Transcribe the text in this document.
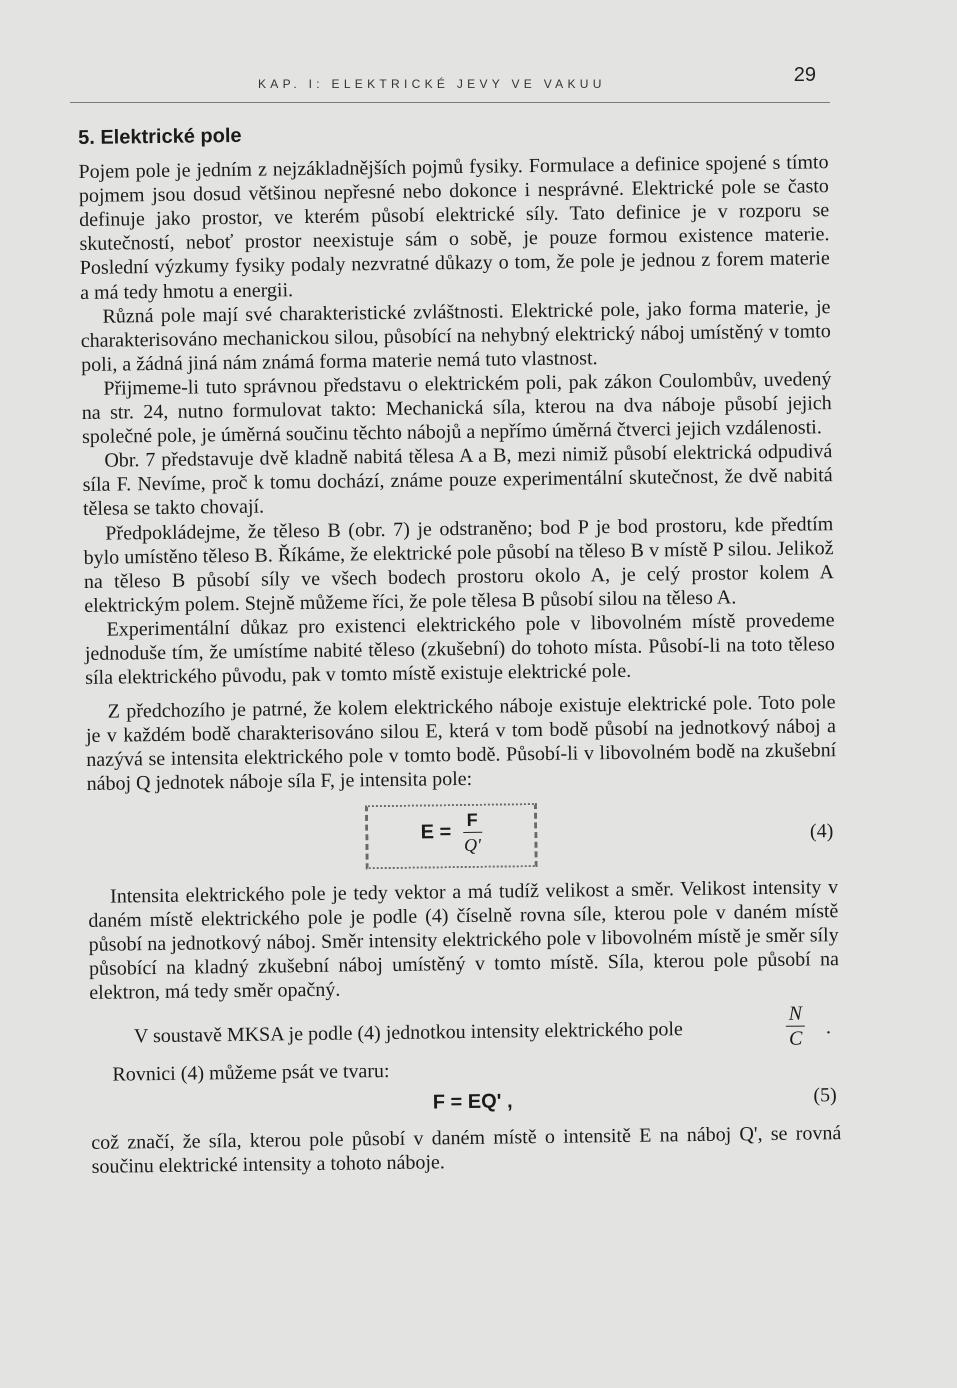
KAP. I: ELEKTRICKÉ JEVY VE VAKUU	29
5. Elektrické pole

Pojem pole je jedním z nejzákladnějších pojmů fysiky. Formulace a definice spojené s tímto pojmem jsou dosud většinou nepřesné nebo dokonce i nesprávné. Elektrické pole se často definuje jako prostor, ve kterém působí elektrické síly. Tato definice je v rozporu se skutečností, neboť prostor neexistuje sám o sobě, je pouze formou existence materie. Poslední výzkumy fysiky podaly nezvratné důkazy o tom, že pole je jednou z forem materie a má tedy hmotu a energii.

Různá pole mají své charakteristické zvláštnosti. Elektrické pole, jako forma materie, je charakterisováno mechanickou silou, působící na nehybný elektrický náboj umístěný v tomto poli, a žádná jiná nám známá forma materie nemá tuto vlastnost.

Přijmeme-li tuto správnou představu o elektrickém poli, pak zákon Coulombův, uvedený na str. 24, nutno formulovat takto: Mechanická síla, kterou na dva náboje působí jejich společné pole, je úměrná součinu těchto nábojů a nepřímo úměrná čtverci jejich vzdálenosti.

Obr. 7 představuje dvě kladně nabitá tělesa A a B, mezi nimiž působí elektrická odpudivá síla F. Nevíme, proč k tomu dochází, známe pouze experimentální skutečnost, že dvě nabitá tělesa se takto chovají.

Předpokládejme, že těleso B (obr. 7) je odstraněno; bod P je bod prostoru, kde předtím bylo umístěno těleso B. Říkáme, že elektrické pole působí na těleso B v místě P silou. Jelikož na těleso B působí síly ve všech bodech prostoru okolo A, je celý prostor kolem A elektrickým polem. Stejně můžeme říci, že pole tělesa B působí silou na těleso A.

Experimentální důkaz pro existenci elektrického pole v libovolném místě provedeme jednoduše tím, že umístíme nabité těleso (zkušební) do tohoto místa. Působí-li na toto těleso síla elektrického původu, pak v tomto místě existuje elektrické pole.

Z předchozího je patrné, že kolem elektrického náboje existuje elektrické pole. Toto pole je v každém bodě charakterisováno silou E, která v tom bodě působí na jednotkový náboj a nazývá se intensita elektrického pole v tomto bodě. Působí-li v libovolném bodě na zkušební náboj Q jednotek náboje síla F, je intensita pole:

$E = \frac{F}{Q'}$	(4)

Intensita elektrického pole je tedy vektor a má tudíž velikost a směr. Velikost intensity v daném místě elektrického pole je podle (4) číselně rovna síle, kterou pole v daném místě působí na jednotkový náboj. Směr intensity elektrického pole v libovolném místě je směr síly působící na kladný zkušební náboj umístěný v tomto místě. Síla, kterou pole působí na elektron, má tedy směr opačný.

V soustavě MKSA je podle (4) jednotkou intensity elektrického pole	$\frac{N}{C}$ .

Rovnici (4) můžeme psát ve tvaru:

F = EQ' ,	(5)

což značí, že síla, kterou pole působí v daném místě o intensitě E na náboj Q', se rovná součinu elektrické intensity a tohoto náboje.
